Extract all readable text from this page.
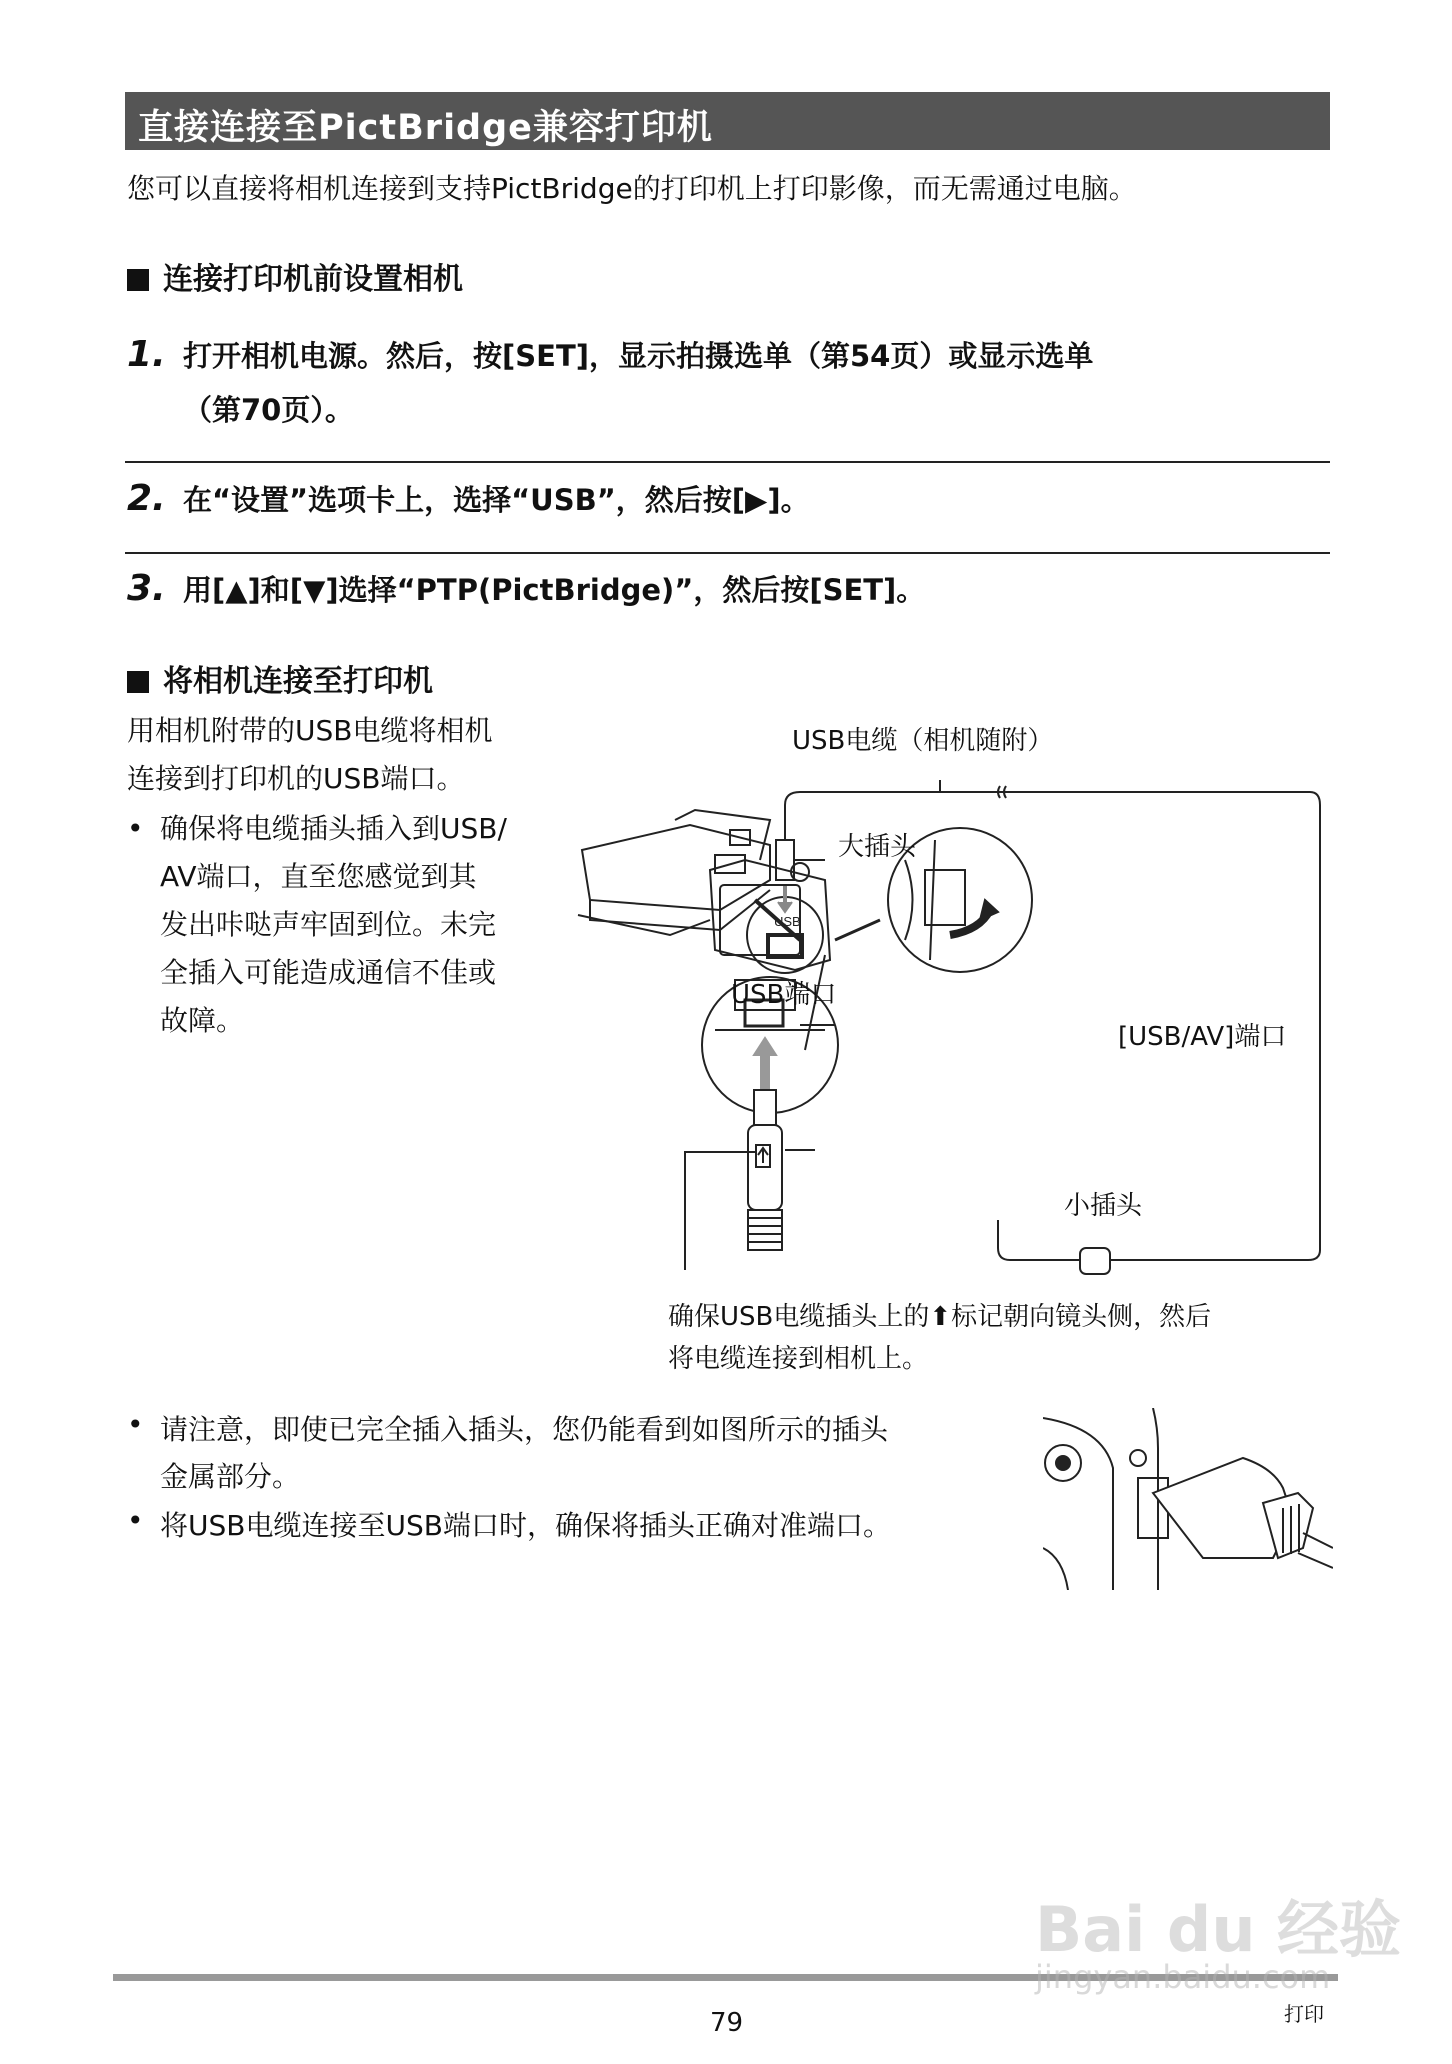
直接连接至PictBridge兼容打印机
您可以直接将相机连接到支持PictBridge的打印机上打印影像，而无需通过电脑。
连接打印机前设置相机
1. 打开相机电源。然后，按[SET]，显示拍摄选单（第54页）或显示选单
（第70页）。
2. 在“设置”选项卡上，选择“USB”，然后按[▶]。
3. 用[▲]和[▼]选择“PTP(PictBridge)”，然后按[SET]。
将相机连接至打印机
用相机附带的USB电缆将相机
连接到打印机的USB端口。
• 确保将电缆插头插入到USB/
AV端口，直至您感觉到其
发出咔哒声牢固到位。未完
全插入可能造成通信不佳或
故障。
USB
USB电缆（相机随附）
大插头
USB端口
[USB/AV]端口
小插头
确保USB电缆插头上的⬆标记朝向镜头侧，然后
将电缆连接到相机上。
• 请注意，即使已完全插入插头，您仍能看到如图所示的插头
金属部分。
• 将USB电缆连接至USB端口时，确保将插头正确对准端口。
79	打印
Bai du 经验
jingyan.baidu.com
